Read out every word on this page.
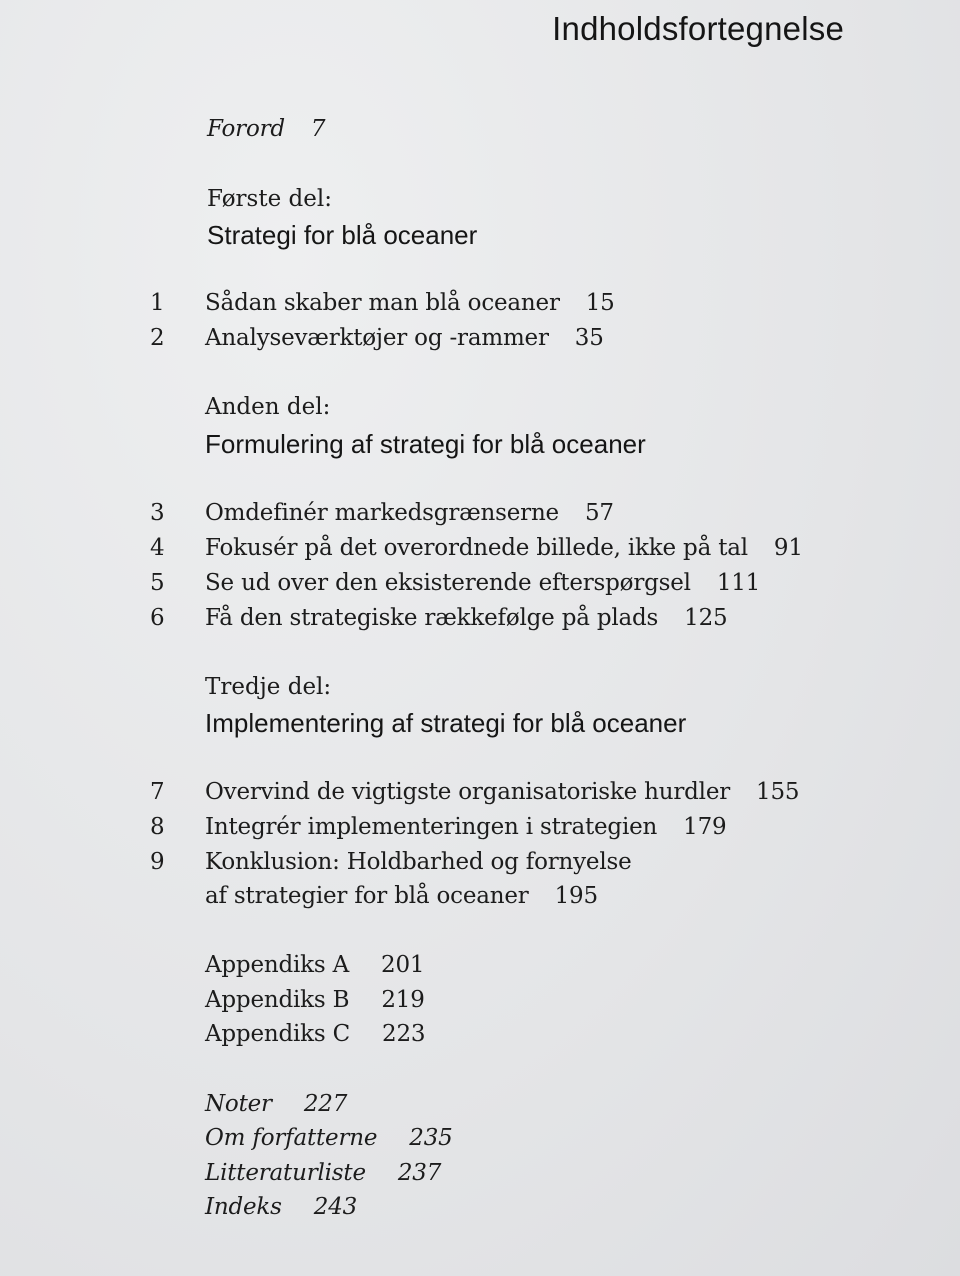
Indholdsfortegnelse
Forord 7
Første del:
Strategi for blå oceaner
1 Sådan skaber man blå oceaner 15
2 Analyseværktøjer og -rammer 35
Anden del:
Formulering af strategi for blå oceaner
3 Omdefinér markedsgrænserne 57
4 Fokusér på det overordnede billede, ikke på tal 91
5 Se ud over den eksisterende efterspørgsel 111
6 Få den strategiske rækkefølge på plads 125
Tredje del:
Implementering af strategi for blå oceaner
7 Overvind de vigtigste organisatoriske hurdler 155
8 Integrér implementeringen i strategien 179
9 Konklusion: Holdbarhed og fornyelse
af strategier for blå oceaner 195
Appendiks A 201
Appendiks B 219
Appendiks C 223
Noter 227
Om forfatterne 235
Litteraturliste 237
Indeks 243
